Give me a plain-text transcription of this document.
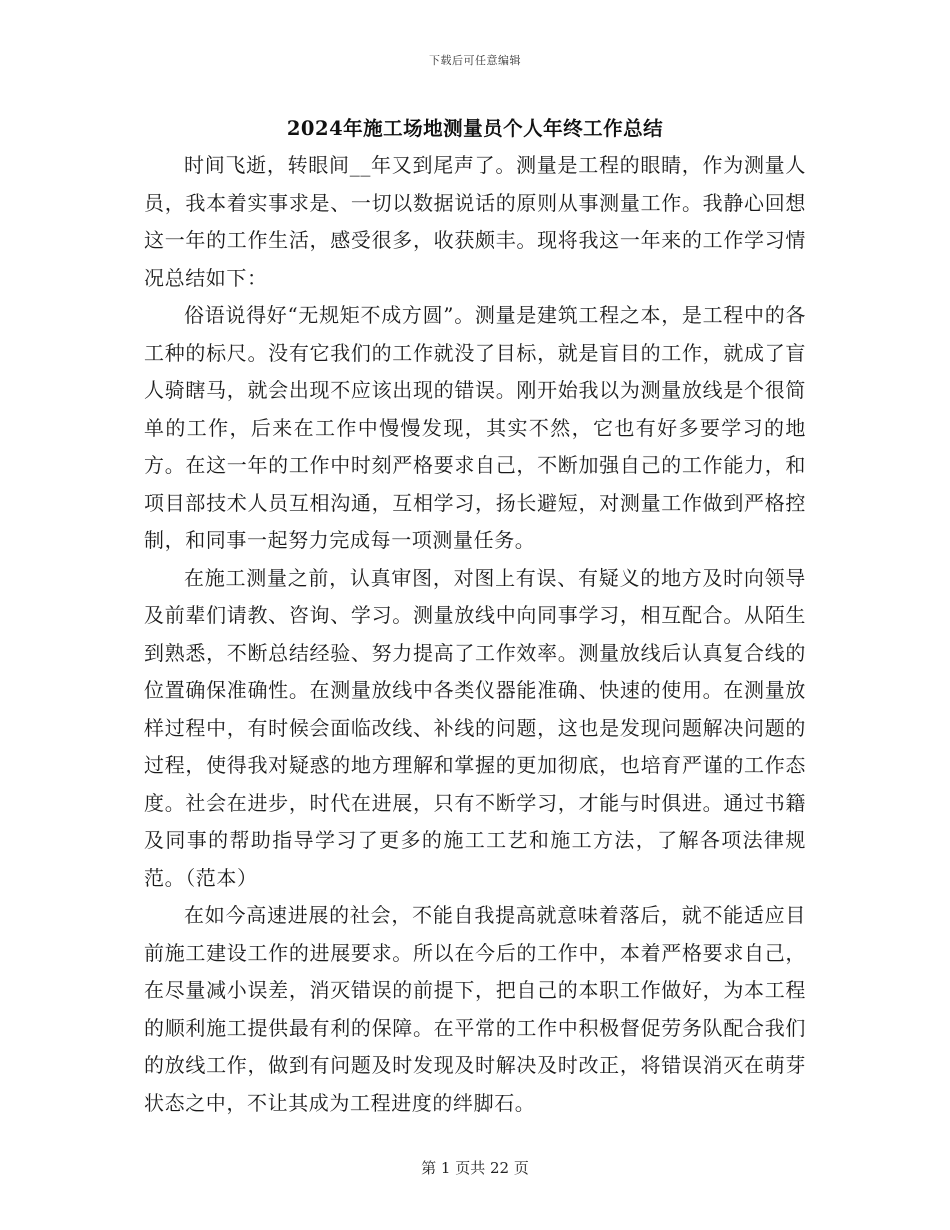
下载后可任意编辑
2024年施工场地测量员个人年终工作总结

时间飞逝，转眼间__年又到尾声了。测量是工程的眼睛，作为测量人员，我本着实事求是、一切以数据说话的原则从事测量工作。我静心回想这一年的工作生活，感受很多，收获颇丰。现将我这一年来的工作学习情况总结如下：

俗语说得好“无规矩不成方圆”。测量是建筑工程之本，是工程中的各工种的标尺。没有它我们的工作就没了目标，就是盲目的工作，就成了盲人骑瞎马，就会出现不应该出现的错误。刚开始我以为测量放线是个很简单的工作，后来在工作中慢慢发现，其实不然，它也有好多要学习的地方。在这一年的工作中时刻严格要求自己，不断加强自己的工作能力，和项目部技术人员互相沟通，互相学习，扬长避短，对测量工作做到严格控制，和同事一起努力完成每一项测量任务。

在施工测量之前，认真审图，对图上有误、有疑义的地方及时向领导及前辈们请教、咨询、学习。测量放线中向同事学习，相互配合。从陌生到熟悉，不断总结经验、努力提高了工作效率。测量放线后认真复合线的位置确保准确性。在测量放线中各类仪器能准确、快速的使用。在测量放样过程中，有时候会面临改线、补线的问题，这也是发现问题解决问题的过程，使得我对疑惑的地方理解和掌握的更加彻底，也培育严谨的工作态度。社会在进步，时代在进展，只有不断学习，才能与时俱进。通过书籍及同事的帮助指导学习了更多的施工工艺和施工方法，了解各项法律规范。（范本）

在如今高速进展的社会，不能自我提高就意味着落后，就不能适应目前施工建设工作的进展要求。所以在今后的工作中，本着严格要求自己，在尽量减小误差，消灭错误的前提下，把自己的本职工作做好，为本工程的顺利施工提供最有利的保障。在平常的工作中积极督促劳务队配合我们的放线工作，做到有问题及时发现及时解决及时改正，将错误消灭在萌芽状态之中，不让其成为工程进度的绊脚石。

第 1 页共 22 页
